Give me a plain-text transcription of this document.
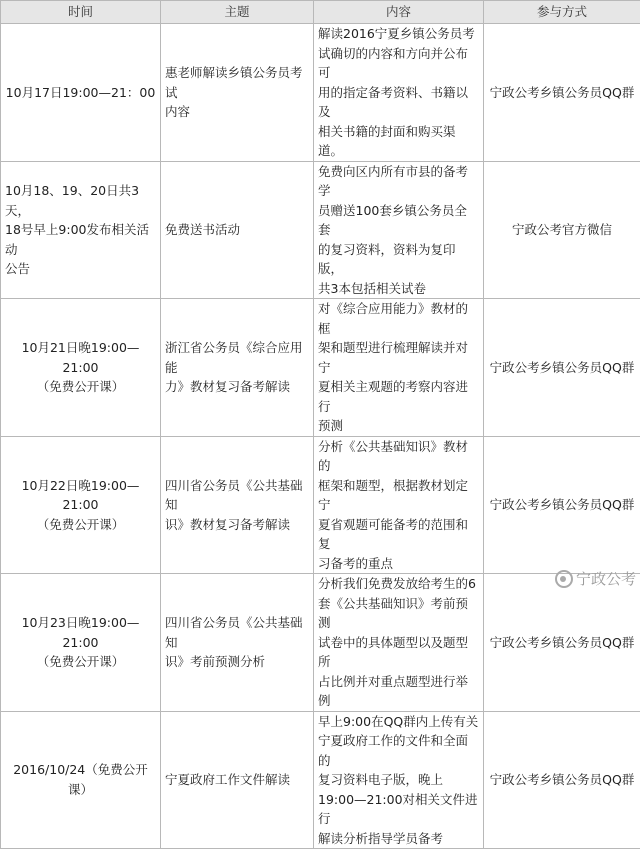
时间	主题	内容	参与方式

10月17日19:00—21：00	惠老师解读乡镇公务员考试
内容	解读2016宁夏乡镇公务员考
试确切的内容和方向并公布可
用的指定备考资料、书籍以及
相关书籍的封面和购买渠道。	宁政公考乡镇公务员QQ群

10月18、19、20日共3天，
18号早上9:00发布相关活动
公告	免费送书活动	免费向区内所有市县的备考学
员赠送100套乡镇公务员全套
的复习资料，资料为复印版，
共3本包括相关试卷	宁政公考官方微信

10月21日晚19:00—21:00
（免费公开课）	浙江省公务员《综合应用能
力》教材复习备考解读	对《综合应用能力》教材的框
架和题型进行梳理解读并对宁
夏相关主观题的考察内容进行
预测	宁政公考乡镇公务员QQ群

10月22日晚19:00—21:00
（免费公开课）	四川省公务员《公共基础知
识》教材复习备考解读	分析《公共基础知识》教材的
框架和题型，根据教材划定宁
夏省观题可能备考的范围和复
习备考的重点	宁政公考乡镇公务员QQ群

10月23日晚19:00—21:00
（免费公开课）	四川省公务员《公共基础知
识》考前预测分析	分析我们免费发放给考生的6
套《公共基础知识》考前预测
试卷中的具体题型以及题型所
占比例并对重点题型进行举例	宁政公考乡镇公务员QQ群

2016/10/24（免费公开课）	宁夏政府工作文件解读	早上9:00在QQ群内上传有关
宁夏政府工作的文件和全面的
复习资料电子版，晚上
19:00—21:00对相关文件进行
解读分析指导学员备考	宁政公考乡镇公务员QQ群
宁政公考
